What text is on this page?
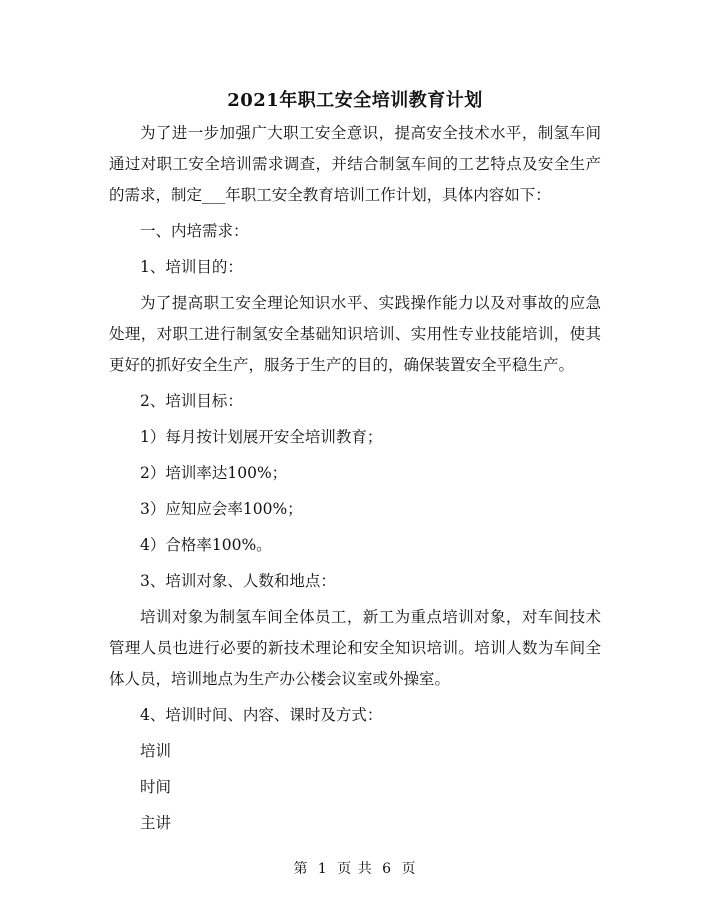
2021年职工安全培训教育计划

为了进一步加强广大职工安全意识，提高安全技术水平，制氢车间通过对职工安全培训需求调查，并结合制氢车间的工艺特点及安全生产的需求，制定___年职工安全教育培训工作计划，具体内容如下：

一、内培需求：

1、培训目的：

为了提高职工安全理论知识水平、实践操作能力以及对事故的应急处理，对职工进行制氢安全基础知识培训、实用性专业技能培训，使其更好的抓好安全生产，服务于生产的目的，确保装置安全平稳生产。

2、培训目标：

1）每月按计划展开安全培训教育；

2）培训率达100%；

3）应知应会率100%；

4）合格率100%。

3、培训对象、人数和地点：

培训对象为制氢车间全体员工，新工为重点培训对象，对车间技术管理人员也进行必要的新技术理论和安全知识培训。培训人数为车间全体人员，培训地点为生产办公楼会议室或外操室。

4、培训时间、内容、课时及方式：

培训

时间

主讲

第 1 页 共 6 页
